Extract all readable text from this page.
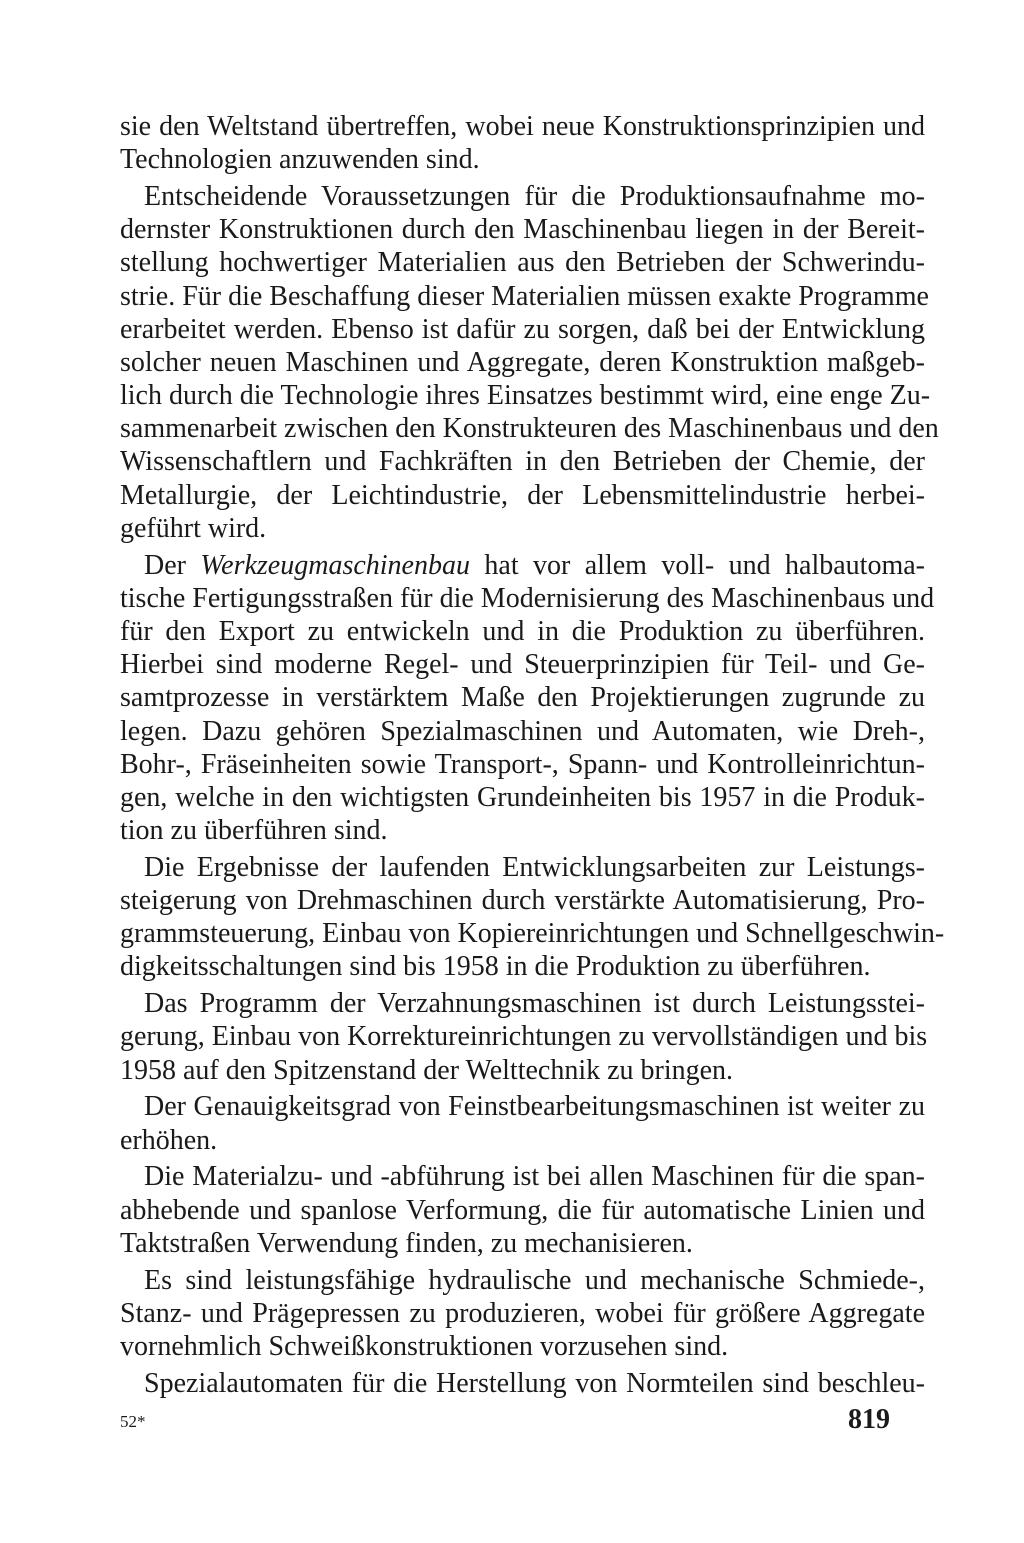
sie den Weltstand übertreffen, wobei neue Konstruktionsprinzipien und
Technologien anzuwenden sind.
Entscheidende Voraussetzungen für die Produktionsaufnahme mo-
dernster Konstruktionen durch den Maschinenbau liegen in der Bereit-
stellung hochwertiger Materialien aus den Betrieben der Schwerindu-
strie. Für die Beschaffung dieser Materialien müssen exakte Programme
erarbeitet werden. Ebenso ist dafür zu sorgen, daß bei der Entwicklung
solcher neuen Maschinen und Aggregate, deren Konstruktion maßgeb-
lich durch die Technologie ihres Einsatzes bestimmt wird, eine enge Zu-
sammenarbeit zwischen den Konstrukteuren des Maschinenbaus und den
Wissenschaftlern und Fachkräften in den Betrieben der Chemie, der
Metallurgie, der Leichtindustrie, der Lebensmittelindustrie herbei-
geführt wird.
Der Werkzeugmaschinenbau hat vor allem voll- und halbautoma-
tische Fertigungsstraßen für die Modernisierung des Maschinenbaus und
für den Export zu entwickeln und in die Produktion zu überführen.
Hierbei sind moderne Regel- und Steuerprinzipien für Teil- und Ge-
samtprozesse in verstärktem Maße den Projektierungen zugrunde zu
legen. Dazu gehören Spezialmaschinen und Automaten, wie Dreh-,
Bohr-, Fräseinheiten sowie Transport-, Spann- und Kontrolleinrichtun-
gen, welche in den wichtigsten Grundeinheiten bis 1957 in die Produk-
tion zu überführen sind.
Die Ergebnisse der laufenden Entwicklungsarbeiten zur Leistungs-
steigerung von Drehmaschinen durch verstärkte Automatisierung, Pro-
grammsteuerung, Einbau von Kopiereinrichtungen und Schnellgeschwin-
digkeitsschaltungen sind bis 1958 in die Produktion zu überführen.
Das Programm der Verzahnungsmaschinen ist durch Leistungsstei-
gerung, Einbau von Korrektureinrichtungen zu vervollständigen und bis
1958 auf den Spitzenstand der Welttechnik zu bringen.
Der Genauigkeitsgrad von Feinstbearbeitungsmaschinen ist weiter zu
erhöhen.
Die Materialzu- und -abführung ist bei allen Maschinen für die span-
abhebende und spanlose Verformung, die für automatische Linien und
Taktstraßen Verwendung finden, zu mechanisieren.
Es sind leistungsfähige hydraulische und mechanische Schmiede-,
Stanz- und Prägepressen zu produzieren, wobei für größere Aggregate
vornehmlich Schweißkonstruktionen vorzusehen sind.
Spezialautomaten für die Herstellung von Normteilen sind beschleu-
52*	819
